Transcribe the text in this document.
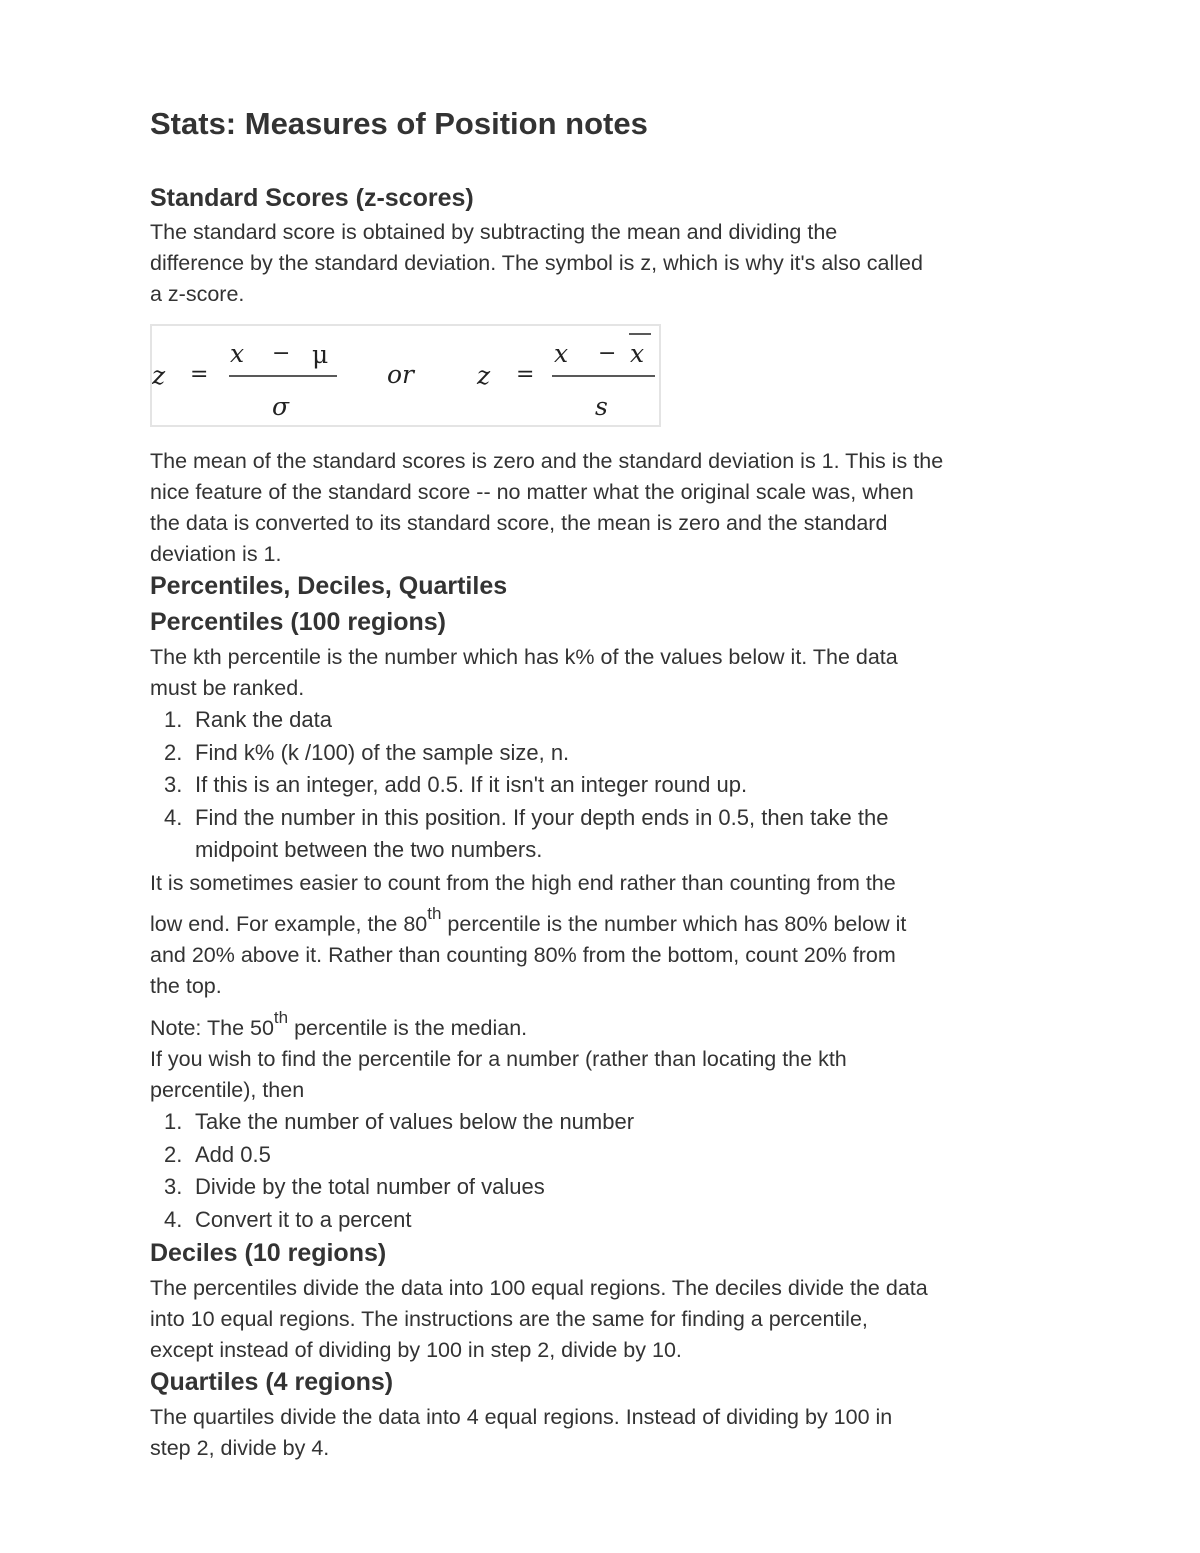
Stats: Measures of Position notes
Standard Scores (z-scores)
The standard score is obtained by subtracting the mean and dividing the
difference by the standard deviation. The symbol is z, which is why it's also called
a z-score.
z =
x − μ
σ
or	z =
x − x
s
The mean of the standard scores is zero and the standard deviation is 1. This is the
nice feature of the standard score -- no matter what the original scale was, when
the data is converted to its standard score, the mean is zero and the standard
deviation is 1.
Percentiles, Deciles, Quartiles
Percentiles (100 regions)
The kth percentile is the number which has k% of the values below it. The data
must be ranked.
1. Rank the data
2. Find k% (k /100) of the sample size, n.
3. If this is an integer, add 0.5. If it isn't an integer round up.
4. Find the number in this position. If your depth ends in 0.5, then take the
midpoint between the two numbers.
It is sometimes easier to count from the high end rather than counting from the
low end. For example, the 80th percentile is the number which has 80% below it
and 20% above it. Rather than counting 80% from the bottom, count 20% from
the top.
Note: The 50th percentile is the median.
If you wish to find the percentile for a number (rather than locating the kth
percentile), then
1. Take the number of values below the number
2. Add 0.5
3. Divide by the total number of values
4. Convert it to a percent
Deciles (10 regions)
The percentiles divide the data into 100 equal regions. The deciles divide the data
into 10 equal regions. The instructions are the same for finding a percentile,
except instead of dividing by 100 in step 2, divide by 10.
Quartiles (4 regions)
The quartiles divide the data into 4 equal regions. Instead of dividing by 100 in
step 2, divide by 4.
